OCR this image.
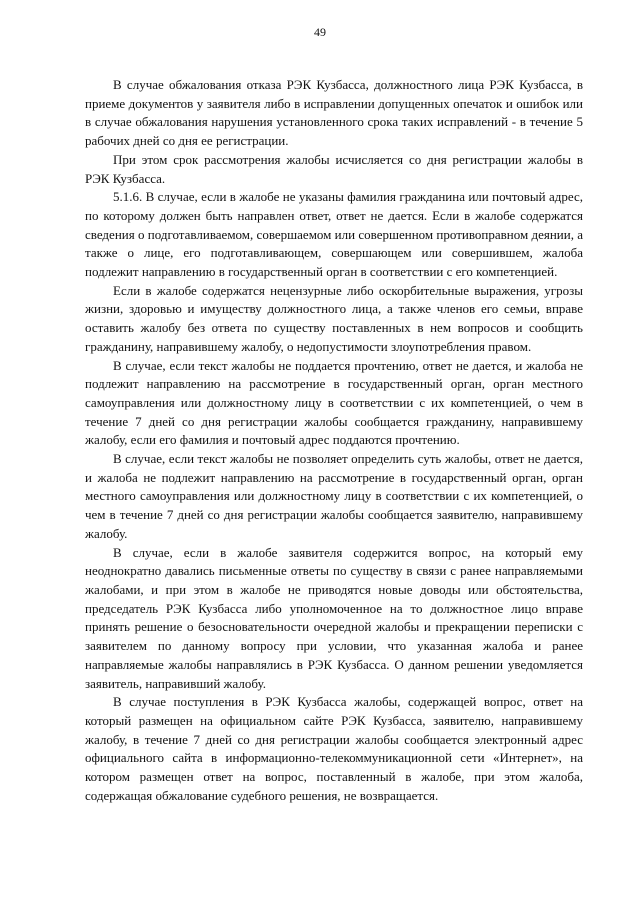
49

В случае обжалования отказа РЭК Кузбасса, должностного лица РЭК Кузбасса, в приеме документов у заявителя либо в исправлении допущенных опечаток и ошибок или в случае обжалования нарушения установленного срока таких исправлений - в течение 5 рабочих дней со дня ее регистрации.

При этом срок рассмотрения жалобы исчисляется со дня регистрации жалобы в РЭК Кузбасса.

5.1.6. В случае, если в жалобе не указаны фамилия гражданина или почтовый адрес, по которому должен быть направлен ответ, ответ не дается. Если в жалобе содержатся сведения о подготавливаемом, совершаемом или совершенном противоправном деянии, а также о лице, его подготавливающем, совершающем или совершившем, жалоба подлежит направлению в государственный орган в соответствии с его компетенцией.

Если в жалобе содержатся нецензурные либо оскорбительные выражения, угрозы жизни, здоровью и имуществу должностного лица, а также членов его семьи, вправе оставить жалобу без ответа по существу поставленных в нем вопросов и сообщить гражданину, направившему жалобу, о недопустимости злоупотребления правом.

В случае, если текст жалобы не поддается прочтению, ответ не дается, и жалоба не подлежит направлению на рассмотрение в государственный орган, орган местного самоуправления или должностному лицу в соответствии с их компетенцией, о чем в течение 7 дней со дня регистрации жалобы сообщается гражданину, направившему жалобу, если его фамилия и почтовый адрес поддаются прочтению.

В случае, если текст жалобы не позволяет определить суть жалобы, ответ не дается, и жалоба не подлежит направлению на рассмотрение в государственный орган, орган местного самоуправления или должностному лицу в соответствии с их компетенцией, о чем в течение 7 дней со дня регистрации жалобы сообщается заявителю, направившему жалобу.

В случае, если в жалобе заявителя содержится вопрос, на который ему неоднократно давались письменные ответы по существу в связи с ранее направляемыми жалобами, и при этом в жалобе не приводятся новые доводы или обстоятельства, председатель РЭК Кузбасса либо уполномоченное на то должностное лицо вправе принять решение о безосновательности очередной жалобы и прекращении переписки с заявителем по данному вопросу при условии, что указанная жалоба и ранее направляемые жалобы направлялись в РЭК Кузбасса. О данном решении уведомляется заявитель, направивший жалобу.

В случае поступления в РЭК Кузбасса жалобы, содержащей вопрос, ответ на который размещен на официальном сайте РЭК Кузбасса, заявителю, направившему жалобу, в течение 7 дней со дня регистрации жалобы сообщается электронный адрес официального сайта в информационно-телекоммуникационной сети «Интернет», на котором размещен ответ на вопрос, поставленный в жалобе, при этом жалоба, содержащая обжалование судебного решения, не возвращается.
